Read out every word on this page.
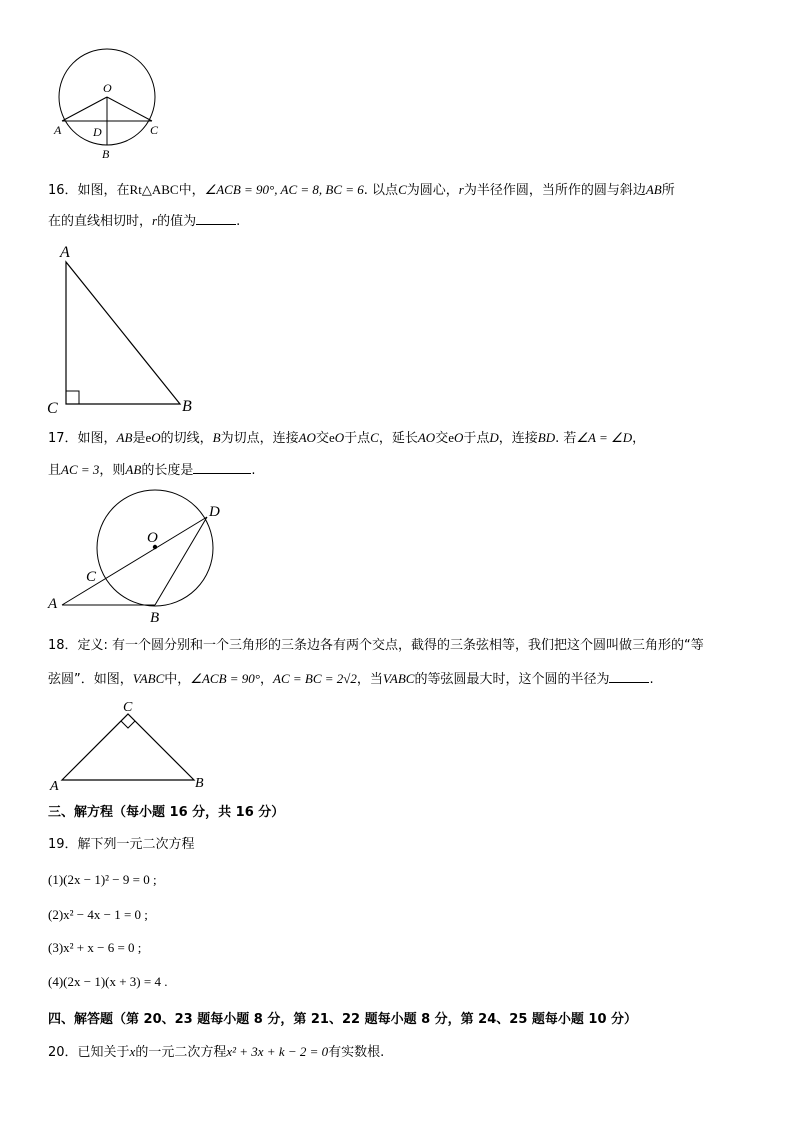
O
A	D	C
B
16．如图，在Rt△ABC中，∠ACB = 90°, AC = 8, BC = 6. 以点C为圆心，r为半径作圆，当所作的圆与斜边AB所
在的直线相切时，r的值为	.
A
C	B
17．如图，AB是eO的切线，B为切点，连接AO交eO于点C，延长AO交eO于点D，连接BD. 若∠A = ∠D，
且AC = 3，则AB的长度是	.
O
D
C
A
B
18．定义: 有一个圆分别和一个三角形的三条边各有两个交点，截得的三条弦相等，我们把这个圆叫做三角形的“等
弦圆”．如图，VABC中，∠ACB = 90°，AC = BC = 2√2，当VABC的等弦圆最大时，这个圆的半径为	.
C
A	B
三、解方程（每小题 16 分，共 16 分）
19．解下列一元二次方程
(1)(2x − 1)² − 9 = 0 ;
(2)x² − 4x − 1 = 0 ;
(3)x² + x − 6 = 0 ;
(4)(2x − 1)(x + 3) = 4 .
四、解答题（第 20、23 题每小题 8 分，第 21、22 题每小题 8 分，第 24、25 题每小题 10 分）
20．已知关于x的一元二次方程x² + 3x + k − 2 = 0有实数根.
